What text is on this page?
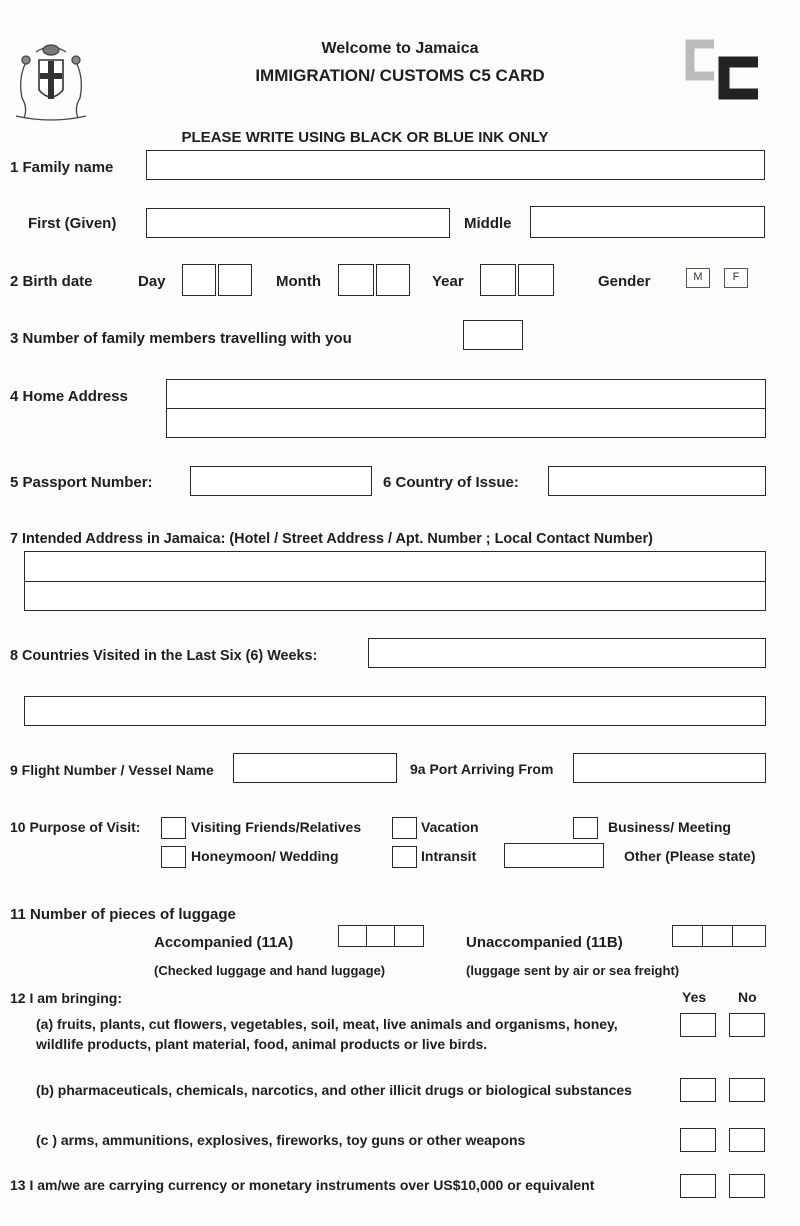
Welcome to Jamaica
IMMIGRATION/ CUSTOMS C5 CARD
PLEASE WRITE USING BLACK OR BLUE INK ONLY
1 Family name
First (Given)	Middle
2 Birth date	Day	Month	Year	Gender	M	F
3 Number of family members travelling with you
4 Home Address
5 Passport Number:	6 Country of Issue:
7 Intended Address in Jamaica: (Hotel / Street Address / Apt. Number ; Local Contact Number)
8 Countries Visited in the Last Six (6) Weeks:
9 Flight Number / Vessel Name	9a Port Arriving From
10 Purpose of Visit:	Visiting Friends/Relatives	Vacation	Business/ Meeting
Honeymoon/ Wedding	Intransit	Other (Please state)
11 Number of pieces of luggage
Accompanied (11A)	Unaccompanied (11B)
(Checked luggage and hand luggage)	(luggage sent by air or sea freight)
12 I am bringing:	Yes No
(a) fruits, plants, cut flowers, vegetables, soil, meat, live animals and organisms, honey, wildlife products, plant material, food, animal products or live birds.
(b) pharmaceuticals, chemicals, narcotics, and other illicit drugs or biological substances
(c ) arms, ammunitions, explosives, fireworks, toy guns or other weapons
13 I am/we are carrying currency or monetary instruments over US$10,000 or equivalent
